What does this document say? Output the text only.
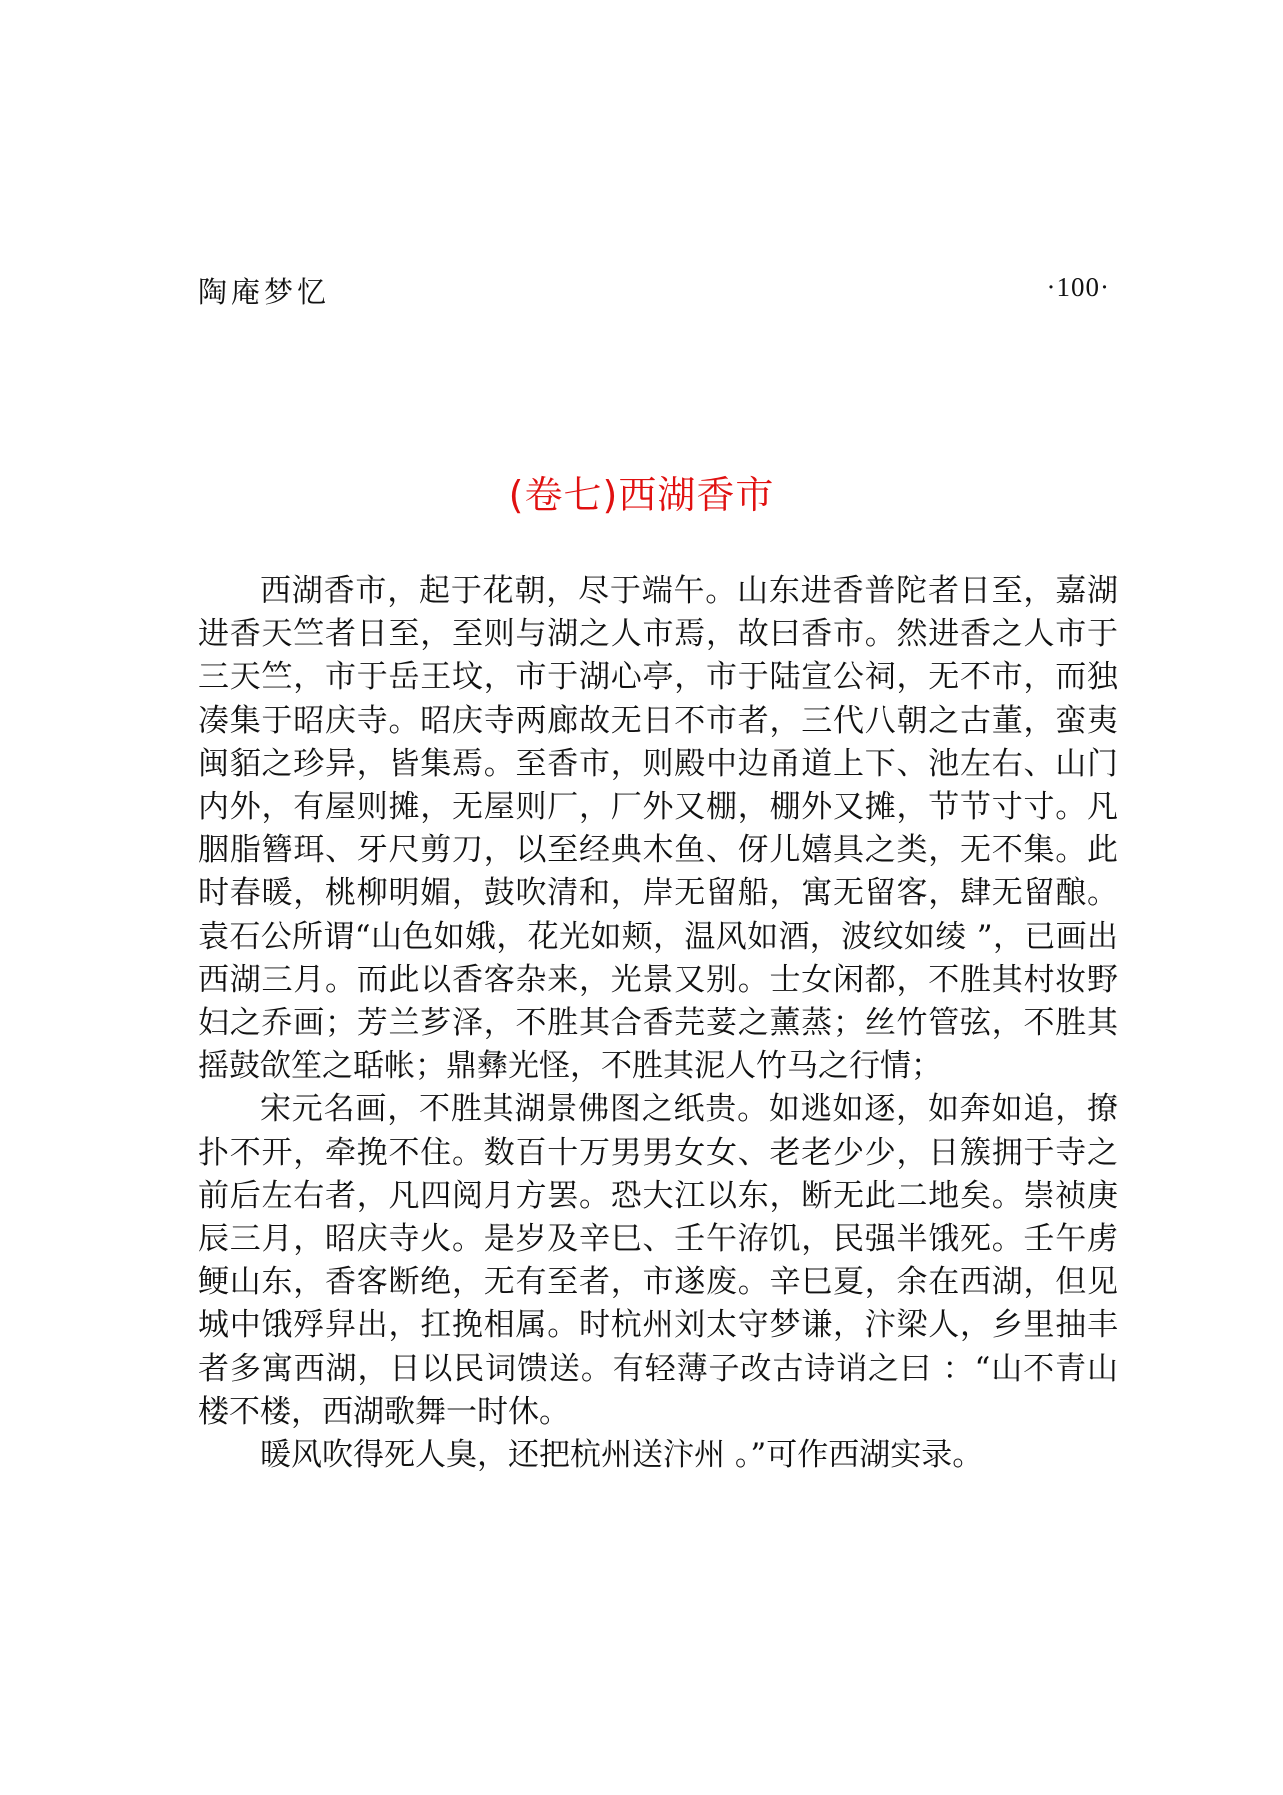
陶庵梦忆	·100·
(卷七)西湖香市

西湖香市，起于花朝，尽于端午。山东进香普陀者日至，嘉湖进香天竺者日至，至则与湖之人市焉，故曰香市。然进香之人市于三天竺，市于岳王坟，市于湖心亭，市于陆宣公祠，无不市，而独凑集于昭庆寺。昭庆寺两廊故无日不市者，三代八朝之古董，蛮夷闽貊之珍异，皆集焉。至香市，则殿中边甬道上下、池左右、山门内外，有屋则摊，无屋则厂，厂外又棚，棚外又摊，节节寸寸。凡胭脂簪珥、牙尺剪刀，以至经典木鱼、伢儿嬉具之类，无不集。此时春暖，桃柳明媚，鼓吹清和，岸无留船，寓无留客，肆无留酿。袁石公所谓“山色如娥，花光如颊，温风如酒，波纹如绫 ”，已画出西湖三月。而此以香客杂来，光景又别。士女闲都，不胜其村妆野妇之乔画；芳兰芗泽，不胜其合香芫荽之薰蒸；丝竹管弦，不胜其摇鼓欱笙之聒帐；鼎彝光怪，不胜其泥人竹马之行情；

宋元名画，不胜其湖景佛图之纸贵。如逃如逐，如奔如追，撩扑不开，牵挽不住。数百十万男男女女、老老少少，日簇拥于寺之前后左右者，凡四阅月方罢。恐大江以东，断无此二地矣。崇祯庚辰三月，昭庆寺火。是岁及辛巳、壬午洊饥，民强半饿死。壬午虏鲠山东，香客断绝，无有至者，市遂废。辛巳夏，余在西湖，但见城中饿殍舁出，扛挽相属。时杭州刘太守梦谦，汴梁人，乡里抽丰者多寓西湖，日以民词馈送。有轻薄子改古诗诮之曰 ：“山不青山楼不楼，西湖歌舞一时休。

暖风吹得死人臭，还把杭州送汴州 。”可作西湖实录。
